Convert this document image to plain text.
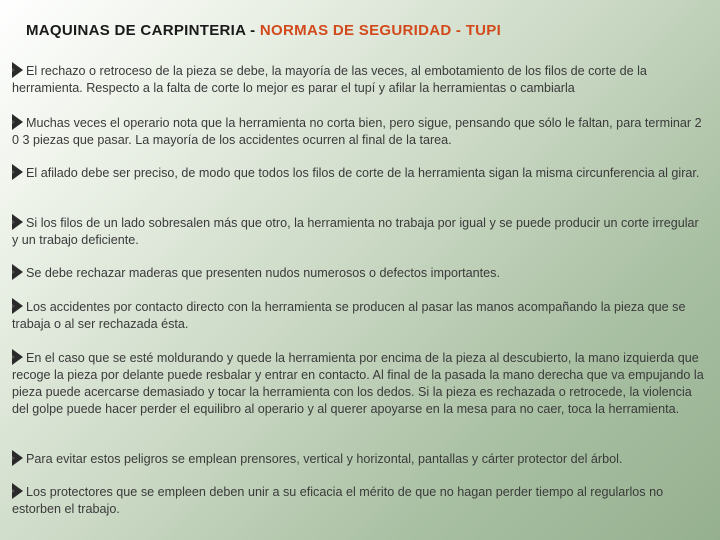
MAQUINAS DE CARPINTERIA - NORMAS DE SEGURIDAD - TUPI
El rechazo o retroceso de la pieza se debe, la mayoría de las veces, al embotamiento de los filos de corte de la herramienta. Respecto a la falta de corte lo mejor es parar el tupí y afilar la herramientas o cambiarla
Muchas veces el operario nota que la herramienta no corta bien, pero sigue, pensando que sólo le faltan, para terminar 2 0 3 piezas que pasar. La mayoría de los accidentes ocurren al final de la tarea.
El afilado debe ser preciso, de modo que todos los filos de corte de la herramienta sigan la misma circunferencia al girar.
Si los filos de un lado sobresalen más que otro, la herramienta no trabaja por igual y se puede producir un corte irregular y un trabajo deficiente.
Se debe rechazar maderas que presenten nudos numerosos o defectos importantes.
Los accidentes por contacto directo con la herramienta se producen al pasar las manos acompañando la pieza que se trabaja o al ser rechazada ésta.
En el caso que se esté moldurando y quede la herramienta por encima de la pieza al descubierto, la mano izquierda que recoge la pieza por delante puede resbalar y entrar en contacto. Al final de la pasada la mano derecha que va empujando la pieza puede acercarse demasiado y tocar la herramienta con los dedos. Si la pieza es rechazada o retrocede, la violencia del golpe puede hacer perder el equilibro al operario y al querer apoyarse en la mesa para no caer, toca la herramienta.
Para evitar estos peligros se emplean prensores, vertical y horizontal, pantallas y cárter protector del árbol.
Los protectores que se empleen deben unir a su eficacia el mérito de que no hagan perder tiempo al regularlos no estorben el trabajo.
